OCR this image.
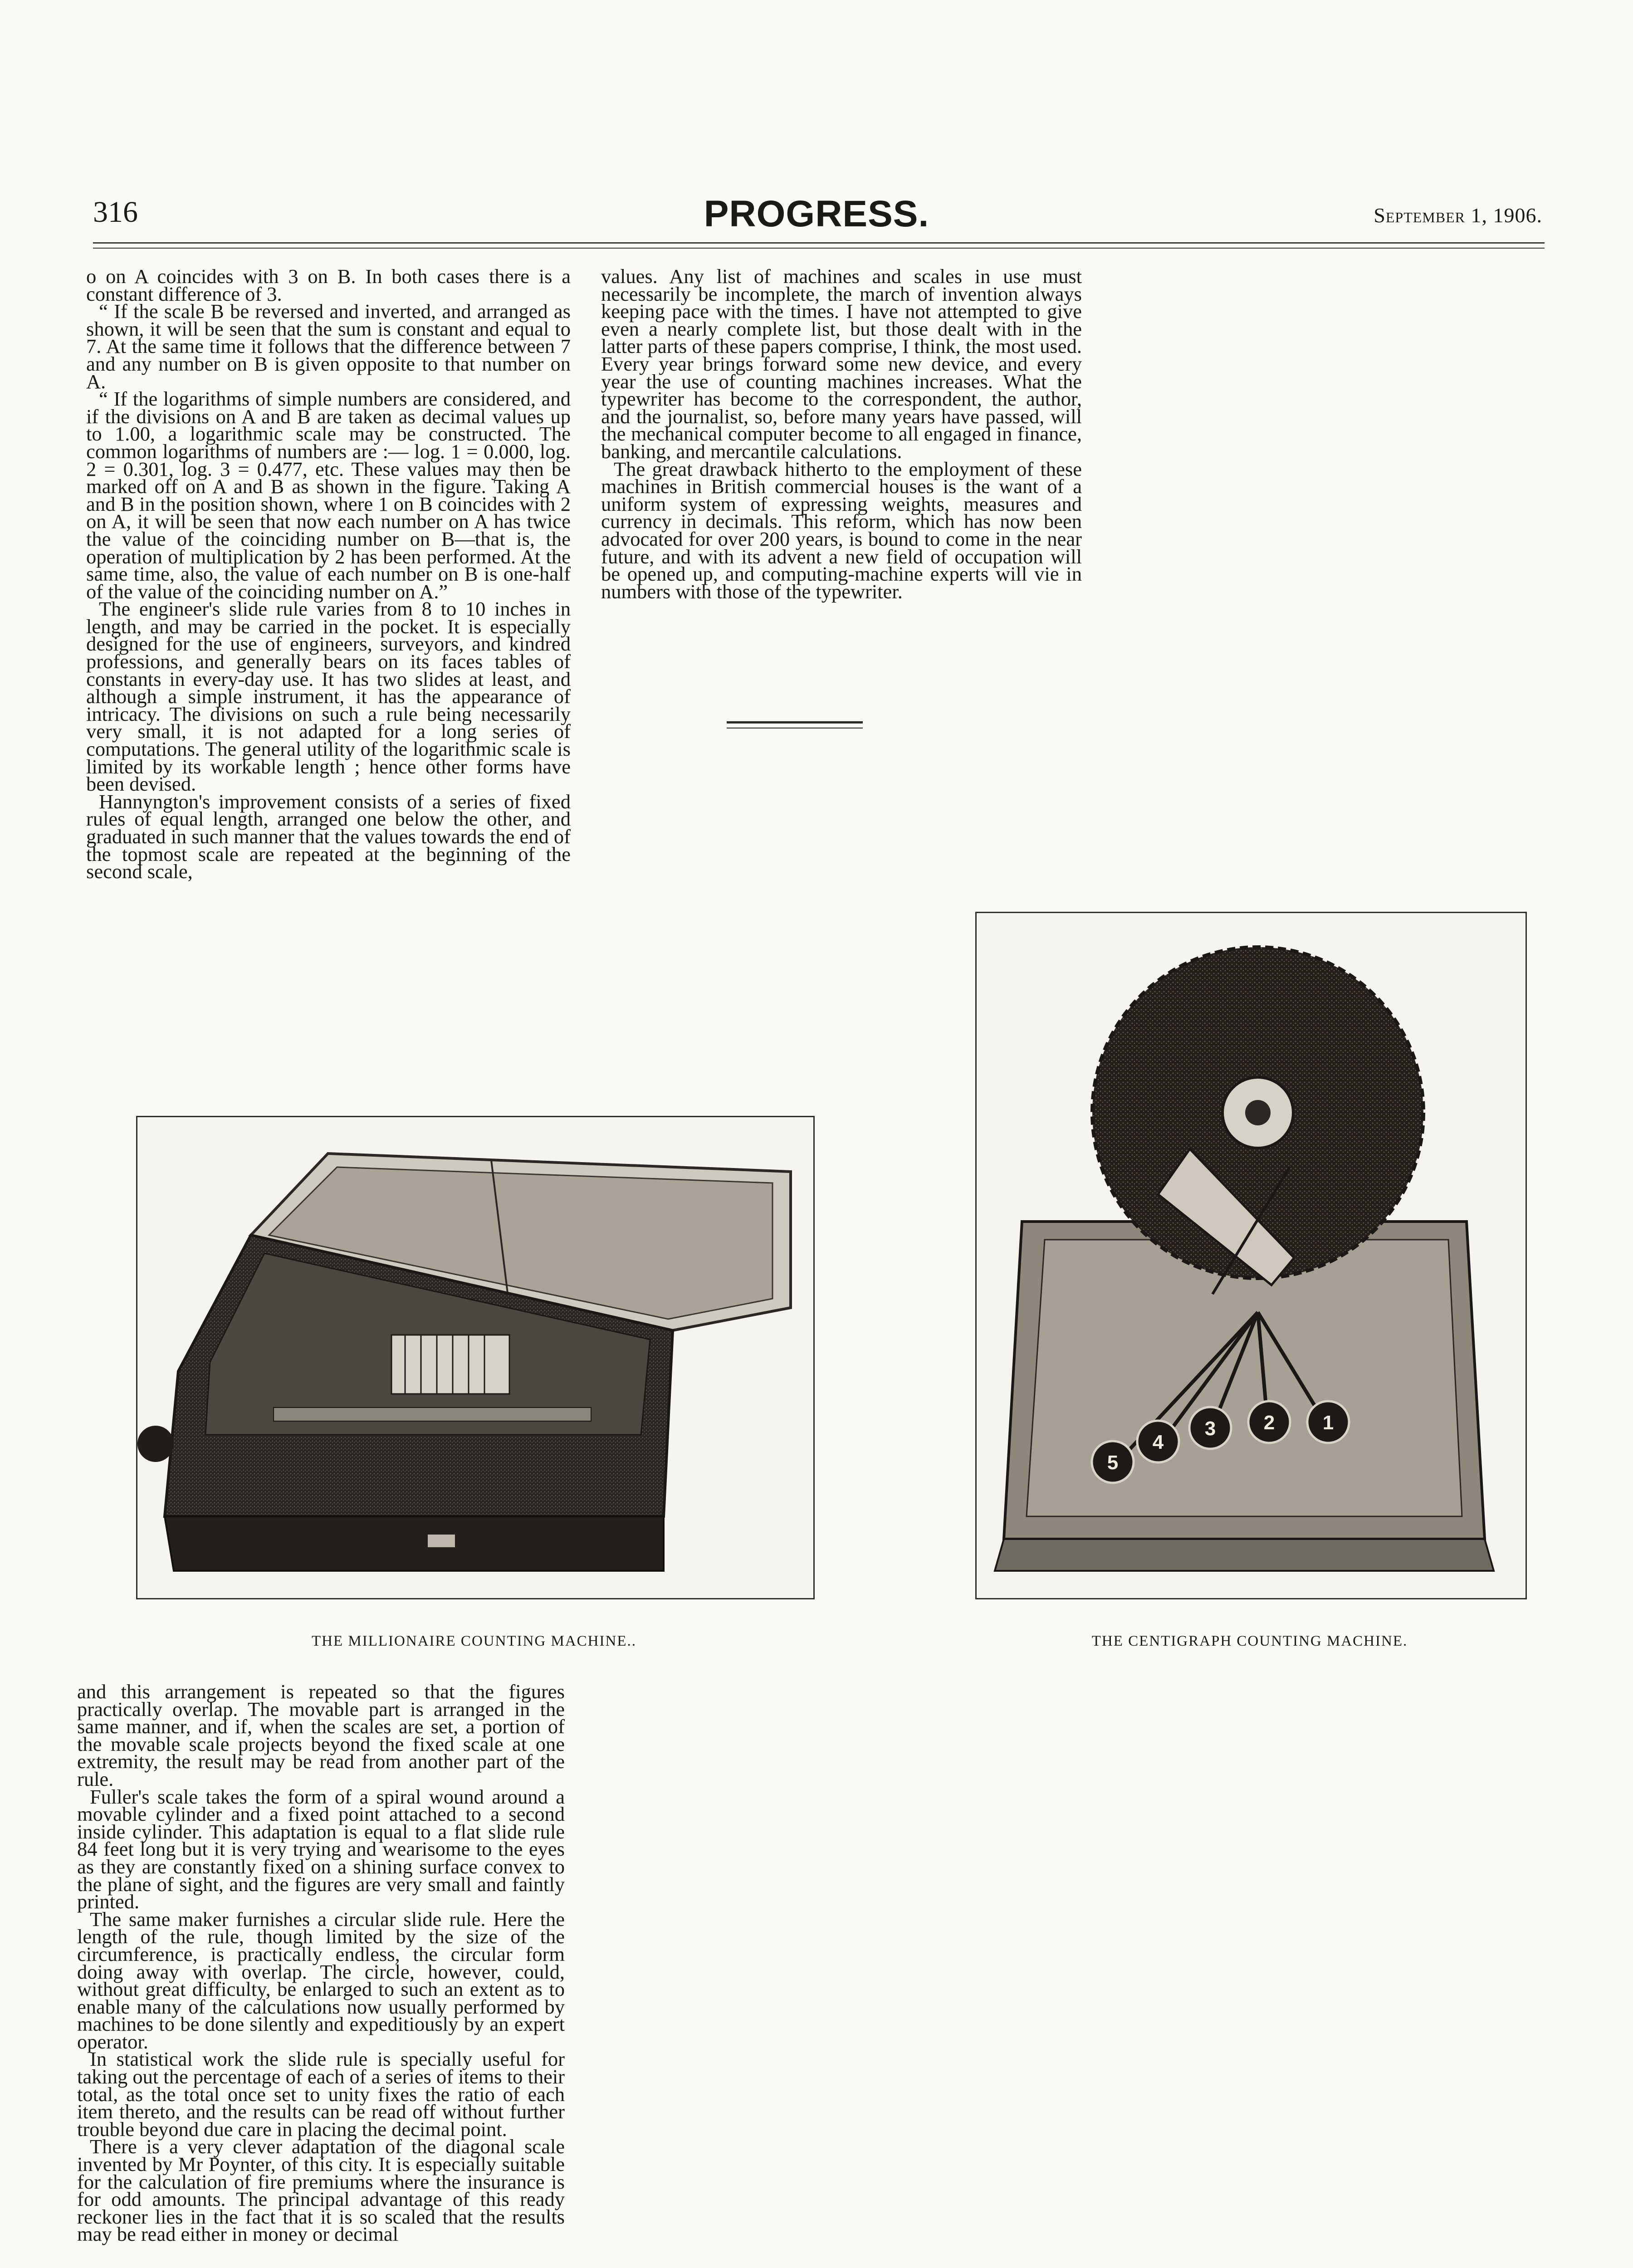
316	PROGRESS.	September 1, 1906.

o on A coincides with 3 on B. In both cases there is a constant difference of 3.

“ If the scale B be reversed and inverted, and arranged as shown, it will be seen that the sum is constant and equal to 7. At the same time it follows that the difference between 7 and any number on B is given opposite to that number on A.

“ If the logarithms of simple numbers are considered, and if the divisions on A and B are taken as decimal values up to 1.00, a logarithmic scale may be constructed. The common logarithms of numbers are :— log. 1 = 0.000, log. 2 = 0.301, log. 3 = 0.477, etc. These values may then be marked off on A and B as shown in the figure. Taking A and B in the position shown, where 1 on B coincides with 2 on A, it will be seen that now each number on A has twice the value of the coinciding number on B—that is, the operation of multiplication by 2 has been performed. At the same time, also, the value of each number on B is one-half of the value of the coinciding number on A.”

The engineer's slide rule varies from 8 to 10 inches in length, and may be carried in the pocket. It is especially designed for the use of engineers, surveyors, and kindred professions, and generally bears on its faces tables of constants in every-day use. It has two slides at least, and although a simple instrument, it has the appearance of intricacy. The divisions on such a rule being necessarily very small, it is not adapted for a long series of computations. The general utility of the logarithmic scale is limited by its workable length ; hence other forms have been devised.

Hannyngton's improvement consists of a series of fixed rules of equal length, arranged one below the other, and graduated in such manner that the values towards the end of the topmost scale are repeated at the beginning of the second scale,

values. Any list of machines and scales in use must necessarily be incomplete, the march of invention always keeping pace with the times. I have not attempted to give even a nearly complete list, but those dealt with in the latter parts of these papers comprise, I think, the most used. Every year brings forward some new device, and every year the use of counting machines increases. What the typewriter has become to the correspondent, the author, and the journalist, so, before many years have passed, will the mechanical computer become to all engaged in finance, banking, and mercantile calculations.

The great drawback hitherto to the employment of these machines in British commercial houses is the want of a uniform system of expressing weights, measures and currency in decimals. This reform, which has now been advocated for over 200 years, is bound to come in the near future, and with its advent a new field of occupation will be opened up, and computing-machine experts will vie in numbers with those of the typewriter.

THE MILLIONAIRE COUNTING MACHINE..
5
4
3 2 1
THE CENTIGRAPH COUNTING MACHINE.

and this arrangement is repeated so that the figures practically overlap. The movable part is arranged in the same manner, and if, when the scales are set, a portion of the movable scale projects beyond the fixed scale at one extremity, the result may be read from another part of the rule.

Fuller's scale takes the form of a spiral wound around a movable cylinder and a fixed point attached to a second inside cylinder. This adaptation is equal to a flat slide rule 84 feet long but it is very trying and wearisome to the eyes as they are constantly fixed on a shining surface convex to the plane of sight, and the figures are very small and faintly printed.

The same maker furnishes a circular slide rule. Here the length of the rule, though limited by the size of the circumference, is practically endless, the circular form doing away with overlap. The circle, however, could, without great difficulty, be enlarged to such an extent as to enable many of the calculations now usually performed by machines to be done silently and expeditiously by an expert operator.

In statistical work the slide rule is specially useful for taking out the percentage of each of a series of items to their total, as the total once set to unity fixes the ratio of each item thereto, and the results can be read off without further trouble beyond due care in placing the decimal point.

There is a very clever adaptation of the diagonal scale invented by Mr Poynter, of this city. It is especially suitable for the calculation of fire premiums where the insurance is for odd amounts. The principal advantage of this ready reckoner lies in the fact that it is so scaled that the results may be read either in money or decimal
